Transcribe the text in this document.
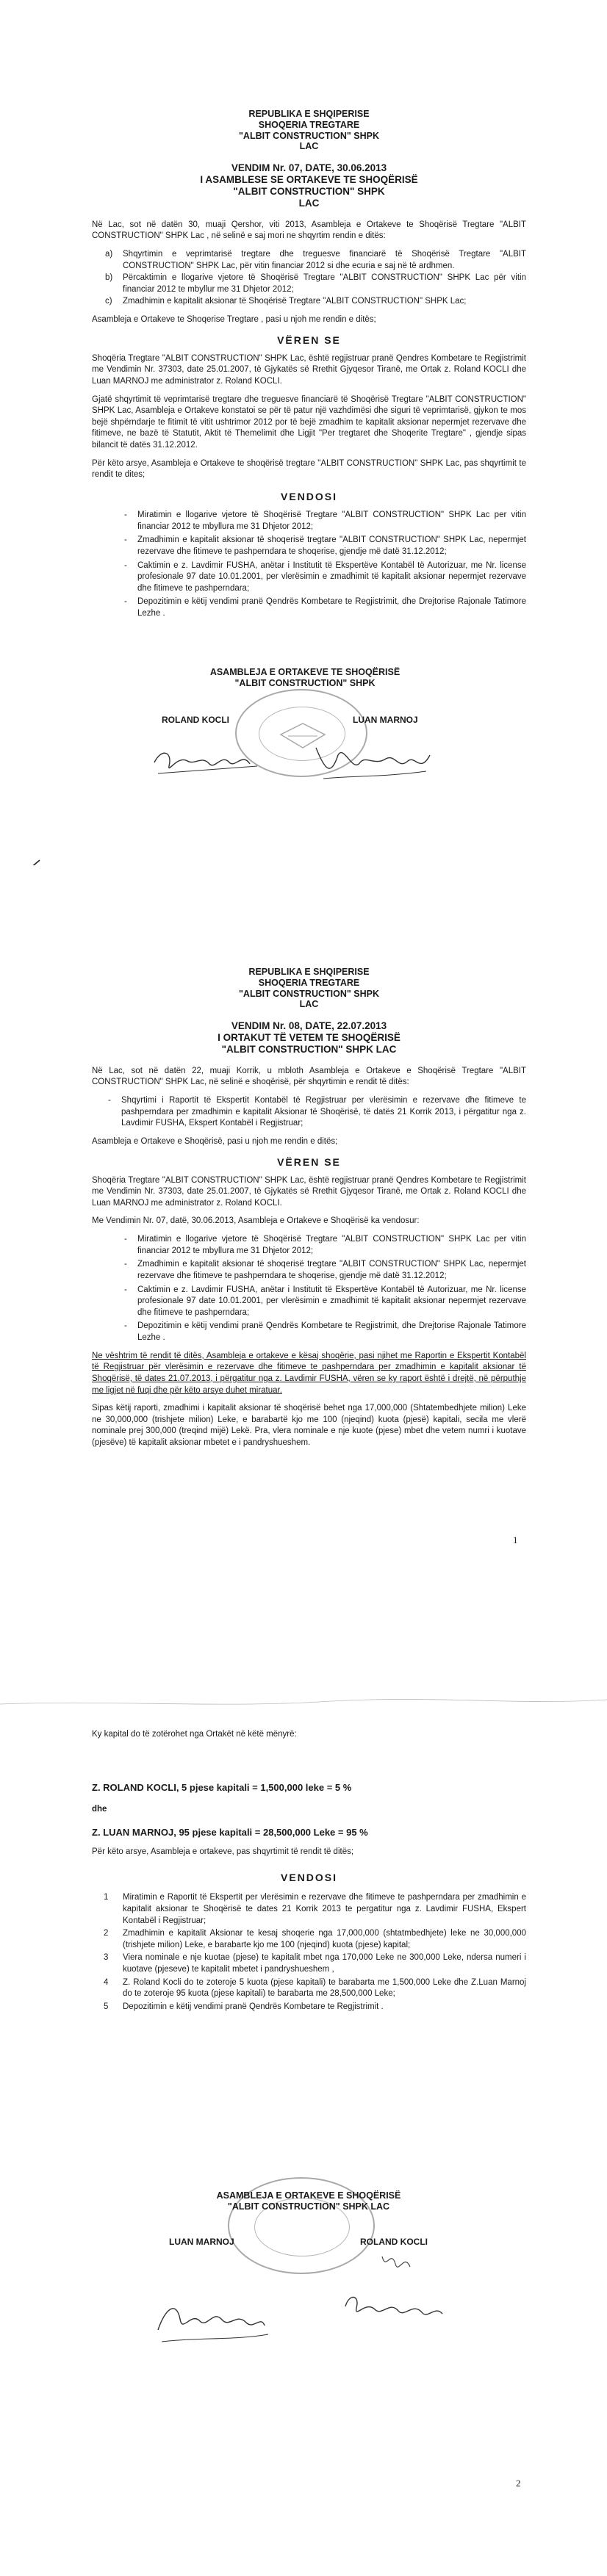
REPUBLIKA E SHQIPERISE
SHOQERIA TREGTARE
"ALBIT CONSTRUCTION" SHPK
LAC
VENDIM Nr. 07, DATE, 30.06.2013
I ASAMBLESE SE ORTAKEVE TE SHOQËRISË
"ALBIT CONSTRUCTION" SHPK
LAC

Në Lac, sot në datën 30, muaji Qershor, viti 2013, Asambleja e Ortakeve te Shoqërisë Tregtare "ALBIT CONSTRUCTION" SHPK Lac , në selinë e saj mori ne shqyrtim rendin e ditës:

a)	Shqyrtimin e veprimtarisë tregtare dhe treguesve financiarë të Shoqërisë Tregtare "ALBIT CONSTRUCTION" SHPK Lac, për vitin financiar 2012 si dhe ecuria e saj në të ardhmen.
b)	Përcaktimin e llogarive vjetore të Shoqërisë Tregtare "ALBIT CONSTRUCTION" SHPK Lac për vitin financiar 2012 te mbyllur me 31 Dhjetor 2012;
c)	Zmadhimin e kapitalit aksionar të Shoqërisë Tregtare "ALBIT CONSTRUCTION" SHPK Lac;

Asambleja e Ortakeve te Shoqerise Tregtare , pasi u njoh me rendin e ditës;

VËREN SE

Shoqëria Tregtare "ALBIT CONSTRUCTION" SHPK Lac, është regjistruar pranë Qendres Kombetare te Regjistrimit me Vendimin Nr. 37303, date 25.01.2007, të Gjykatës së Rrethit Gjyqesor Tiranë, me Ortak z. Roland KOCLI dhe Luan MARNOJ me administrator z. Roland KOCLI.

Gjatë shqyrtimit të veprimtarisë tregtare dhe treguesve financiarë të Shoqërisë Tregtare "ALBIT CONSTRUCTION" SHPK Lac, Asambleja e Ortakeve konstatoi se për të patur një vazhdimësi dhe siguri të veprimtarisë, gjykon te mos bejë shpërndarje te fitimit të vitit ushtrimor 2012 por të bejë zmadhim te kapitalit aksionar nepermjet rezervave dhe fitimeve, ne bazë të Statutit, Aktit të Themelimit dhe Ligjit "Per tregtaret dhe Shoqerite Tregtare" , gjendje sipas bilancit të datës 31.12.2012.

Për këto arsye, Asambleja e Ortakeve te shoqërisë tregtare "ALBIT CONSTRUCTION" SHPK Lac, pas shqyrtimit te rendit te dites;

VENDOSI
- Miratimin e llogarive vjetore të Shoqërisë Tregtare "ALBIT CONSTRUCTION" SHPK Lac per vitin financiar 2012 te mbyllura me 31 Dhjetor 2012;
- Zmadhimin e kapitalit aksionar të shoqerisë tregtare "ALBIT CONSTRUCTION" SHPK Lac, nepermjet rezervave dhe fitimeve te pashperndara te shoqerise, gjendje më datë 31.12.2012;
- Caktimin e z. Lavdimir FUSHA, anëtar i Institutit të Ekspertëve Kontabël të Autorizuar, me Nr. license profesionale 97 date 10.01.2001, per vlerësimin e zmadhimit të kapitalit aksionar nepermjet rezervave dhe fitimeve te pashperndara;
- Depozitimin e këtij vendimi pranë Qendrës Kombetare te Regjistrimit, dhe Drejtorise Rajonale Tatimore Lezhe .
ASAMBLEJA E ORTAKEVE TE SHOQËRISË
"ALBIT CONSTRUCTION" SHPK
ROLAND KOCLI	LUAN MARNOJ
REPUBLIKA E SHQIPERISE
SHOQERIA TREGTARE
"ALBIT CONSTRUCTION" SHPK
LAC
VENDIM Nr. 08, DATE, 22.07.2013
I ORTAKUT TË VETEM TE SHOQËRISË
"ALBIT CONSTRUCTION" SHPK LAC

Në Lac, sot në datën 22, muaji Korrik, u mbloth Asambleja e Ortakeve e Shoqërisë Tregtare "ALBIT CONSTRUCTION" SHPK Lac, në selinë e shoqërisë, për shqyrtimin e rendit të ditës:

- Shqyrtimi i Raportit të Ekspertit Kontabël të Regjistruar per vlerësimin e rezervave dhe fitimeve te pashperndara per zmadhimin e kapitalit Aksionar të Shoqërisë, të datës 21 Korrik 2013, i përgatitur nga z. Lavdimir FUSHA, Ekspert Kontabël i Regjistruar;

Asambleja e Ortakeve e Shoqërisë, pasi u njoh me rendin e ditës;

VËREN SE

Shoqëria Tregtare "ALBIT CONSTRUCTION" SHPK Lac, është regjistruar pranë Qendres Kombetare te Regjistrimit me Vendimin Nr. 37303, date 25.01.2007, të Gjykatës së Rrethit Gjyqesor Tiranë, me Ortak z. Roland KOCLI dhe Luan MARNOJ me administrator z. Roland KOCLI.

Me Vendimin Nr. 07, datë, 30.06.2013, Asambleja e Ortakeve e Shoqërisë ka vendosur:

- Miratimin e llogarive vjetore të Shoqërisë Tregtare "ALBIT CONSTRUCTION" SHPK Lac per vitin financiar 2012 te mbyllura me 31 Dhjetor 2012;
- Zmadhimin e kapitalit aksionar të shoqerisë tregtare "ALBIT CONSTRUCTION" SHPK Lac, nepermjet rezervave dhe fitimeve te pashperndara te shoqerise, gjendje më datë 31.12.2012;
- Caktimin e z. Lavdimir FUSHA, anëtar i Institutit të Ekspertëve Kontabël të Autorizuar, me Nr. license profesionale 97 date 10.01.2001, per vlerësimin e zmadhimit të kapitalit aksionar nepermjet rezervave dhe fitimeve te pashperndara;
- Depozitimin e këtij vendimi pranë Qendrës Kombetare te Regjistrimit, dhe Drejtorise Rajonale Tatimore Lezhe .

Ne vështrim të rendit të ditës, Asambleja e ortakeve e kësaj shoqërie, pasi njihet me Raportin e Ekspertit Kontabël të Regjistruar për vlerësimin e rezervave dhe fitimeve te pashperndara per zmadhimin e kapitalit aksionar të Shoqërisë, të dates 21.07.2013, i përgatitur nga z. Lavdimir FUSHA, vëren se ky raport është i drejtë, në përputhje me ligjet në fuqi dhe për këto arsye duhet miratuar.

Sipas këtij raporti, zmadhimi i kapitalit aksionar të shoqërisë behet nga 17,000,000 (Shtatembedhjete milion) Leke ne 30,000,000 (trishjete milion) Leke, e barabartë kjo me 100 (njeqind) kuota (pjesë) kapitali, secila me vlerë nominale prej 300,000 (treqind mijë) Lekë. Pra, vlera nominale e nje kuote (pjese) mbet dhe vetem numri i kuotave (pjesëve) të kapitalit aksionar mbetet e i pandryshueshem.

1

Ky kapital do të zotërohet nga Ortakët në këtë mënyrë:

Z. ROLAND KOCLI, 5 pjese kapitali = 1,500,000 leke = 5 %
dhe
Z. LUAN MARNOJ, 95 pjese kapitali = 28,500,000 Leke = 95 %

Për këto arsye, Asambleja e ortakeve, pas shqyrtimit të rendit të ditës;

VENDOSI
1	Miratimin e Raportit të Ekspertit per vlerësimin e rezervave dhe fitimeve te pashperndara per zmadhimin e kapitalit aksionar te Shoqërisë te dates 21 Korrik 2013 te pergatitur nga z. Lavdimir FUSHA, Ekspert Kontabël i Regjistruar;
2	Zmadhimin e kapitalit Aksionar te kesaj shoqerie nga 17,000,000 (shtatmbedhjete) leke ne 30,000,000 (trishjete milion) Leke, e barabarte kjo me 100 (njeqind) kuota (pjese) kapital;
3	Viera nominale e nje kuotae (pjese) te kapitalit mbet nga 170,000 Leke ne 300,000 Leke, ndersa numeri i kuotave (pjeseve) te kapitalit mbetet i pandryshueshem ,
4	Z. Roland Kocli do te zoteroje 5 kuota (pjese kapitali) te barabarta me 1,500,000 Leke dhe Z.Luan Marnoj do te zoteroje 95 kuota (pjese kapitali) te barabarta me 28,500,000 Leke;
5	Depozitimin e këtij vendimi pranë Qendrës Kombetare te Regjistrimit .
ASAMBLEJA E ORTAKEVE E SHOQËRISË
"ALBIT CONSTRUCTION" SHPK LAC
LUAN MARNOJ	ROLAND KOCLI
2
